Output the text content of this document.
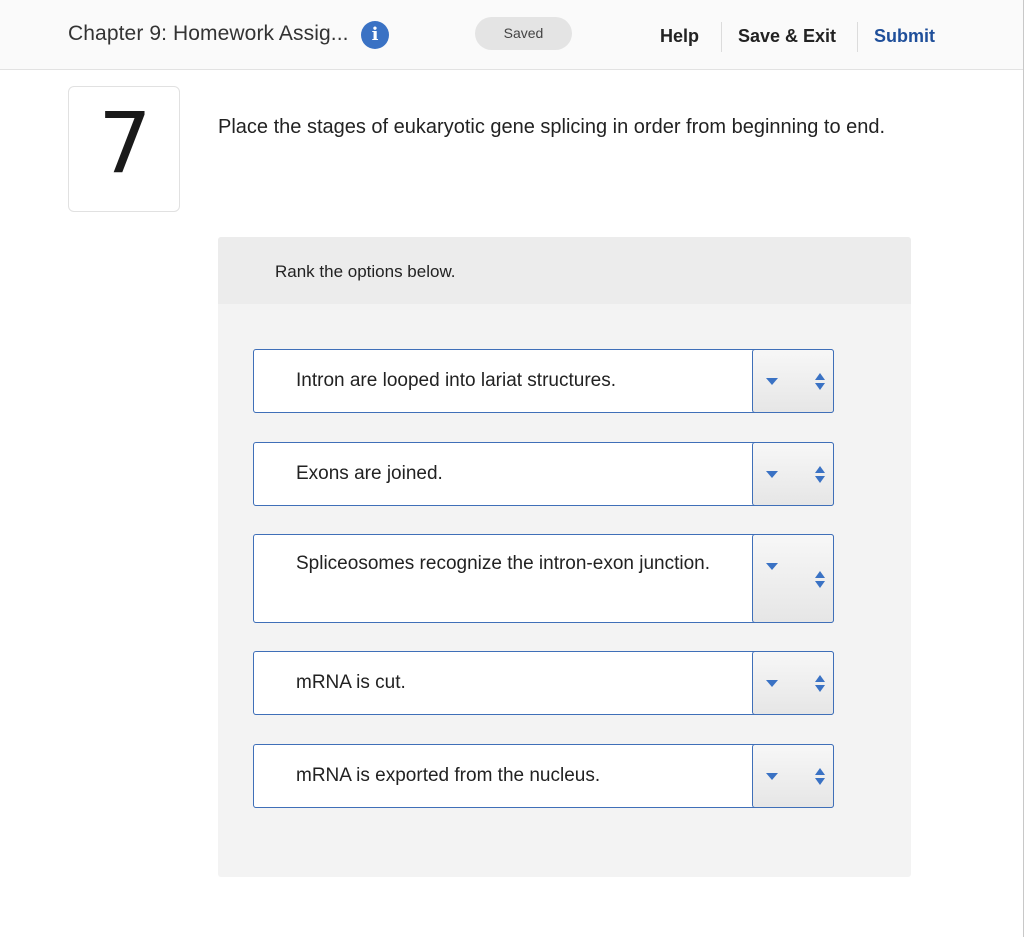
Chapter 9: Homework Assig...	i	Saved	Help Save & Exit Submit
7	Place the stages of eukaryotic gene splicing in order from beginning to end.
Rank the options below.
Intron are looped into lariat structures.
Exons are joined.
Spliceosomes recognize the intron-exon junction.
mRNA is cut.
mRNA is exported from the nucleus.
